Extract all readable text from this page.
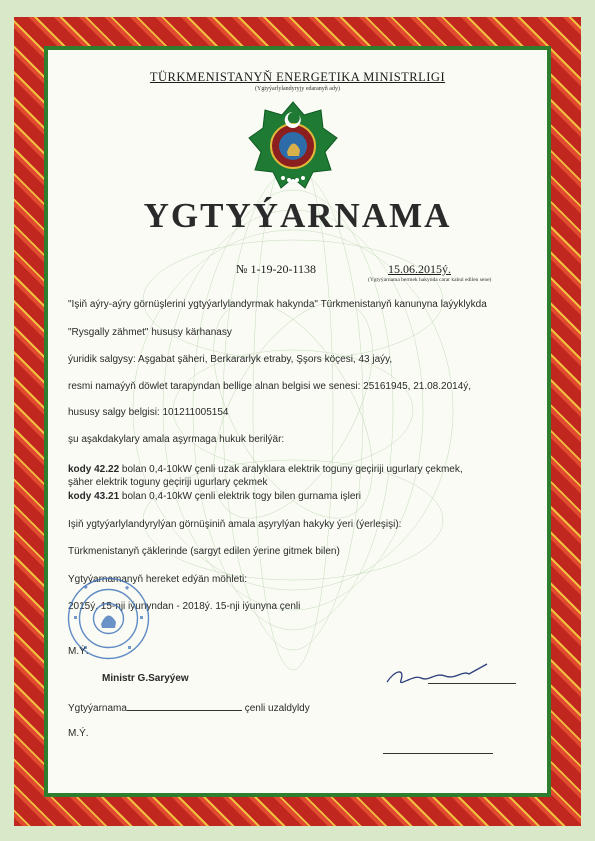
TÜRKMENISTANYŇ ENERGETIKA MINISTRLIGI
(Ygtyýarlylandyryjy edaranyň ady)
YGTYÝARNAMA
№ 1-19-20-1138	15.06.2015ý.
(Ygtyýarnama bermek hakynda carar kabul edilen sene)
"Işiň aýry-aýry görnüşlerini ygtyýarlylandyrmak hakynda" Türkmenistanyň kanunyna laýyklykda
"Rysgally zähmet" hususy kärhanasy
ýuridik salgysy: Aşgabat şäheri, Berkararlyk etraby, Şşors köçesi, 43 jaýy,
resmi namaýyň döwlet tarapyndan bellige alnan belgisi we senesi: 25161945, 21.08.2014ý,
hususy salgy belgisi: 101211005154
şu aşakdakylary amala aşyrmaga hukuk berilýär:
kody 42.22 bolan 0,4-10kW çenli uzak aralyklara elektrik toguny geçiriji ugurlary çekmek,
şäher elektrik toguny geçiriji ugurlary çekmek
kody 43.21 bolan 0,4-10kW çenli elektrik togy bilen gurnama işleri
Işiň ygtyýarlylandyrylýan görnüşiniň amala aşyrylýan hakyky ýeri (ýerleşişi):
Türkmenistanyň çäklerinde (sargyt edilen ýerine gitmek bilen)
Ygtyýarnamanyň hereket edýän möhleti:
2015ý. 15-nji iýunyndan - 2018ý. 15-nji iýunyna çenli
M.Ý.
Ministr G.Saryýew
Ygtyýarnama	çenli uzaldyldy
M.Ý.
